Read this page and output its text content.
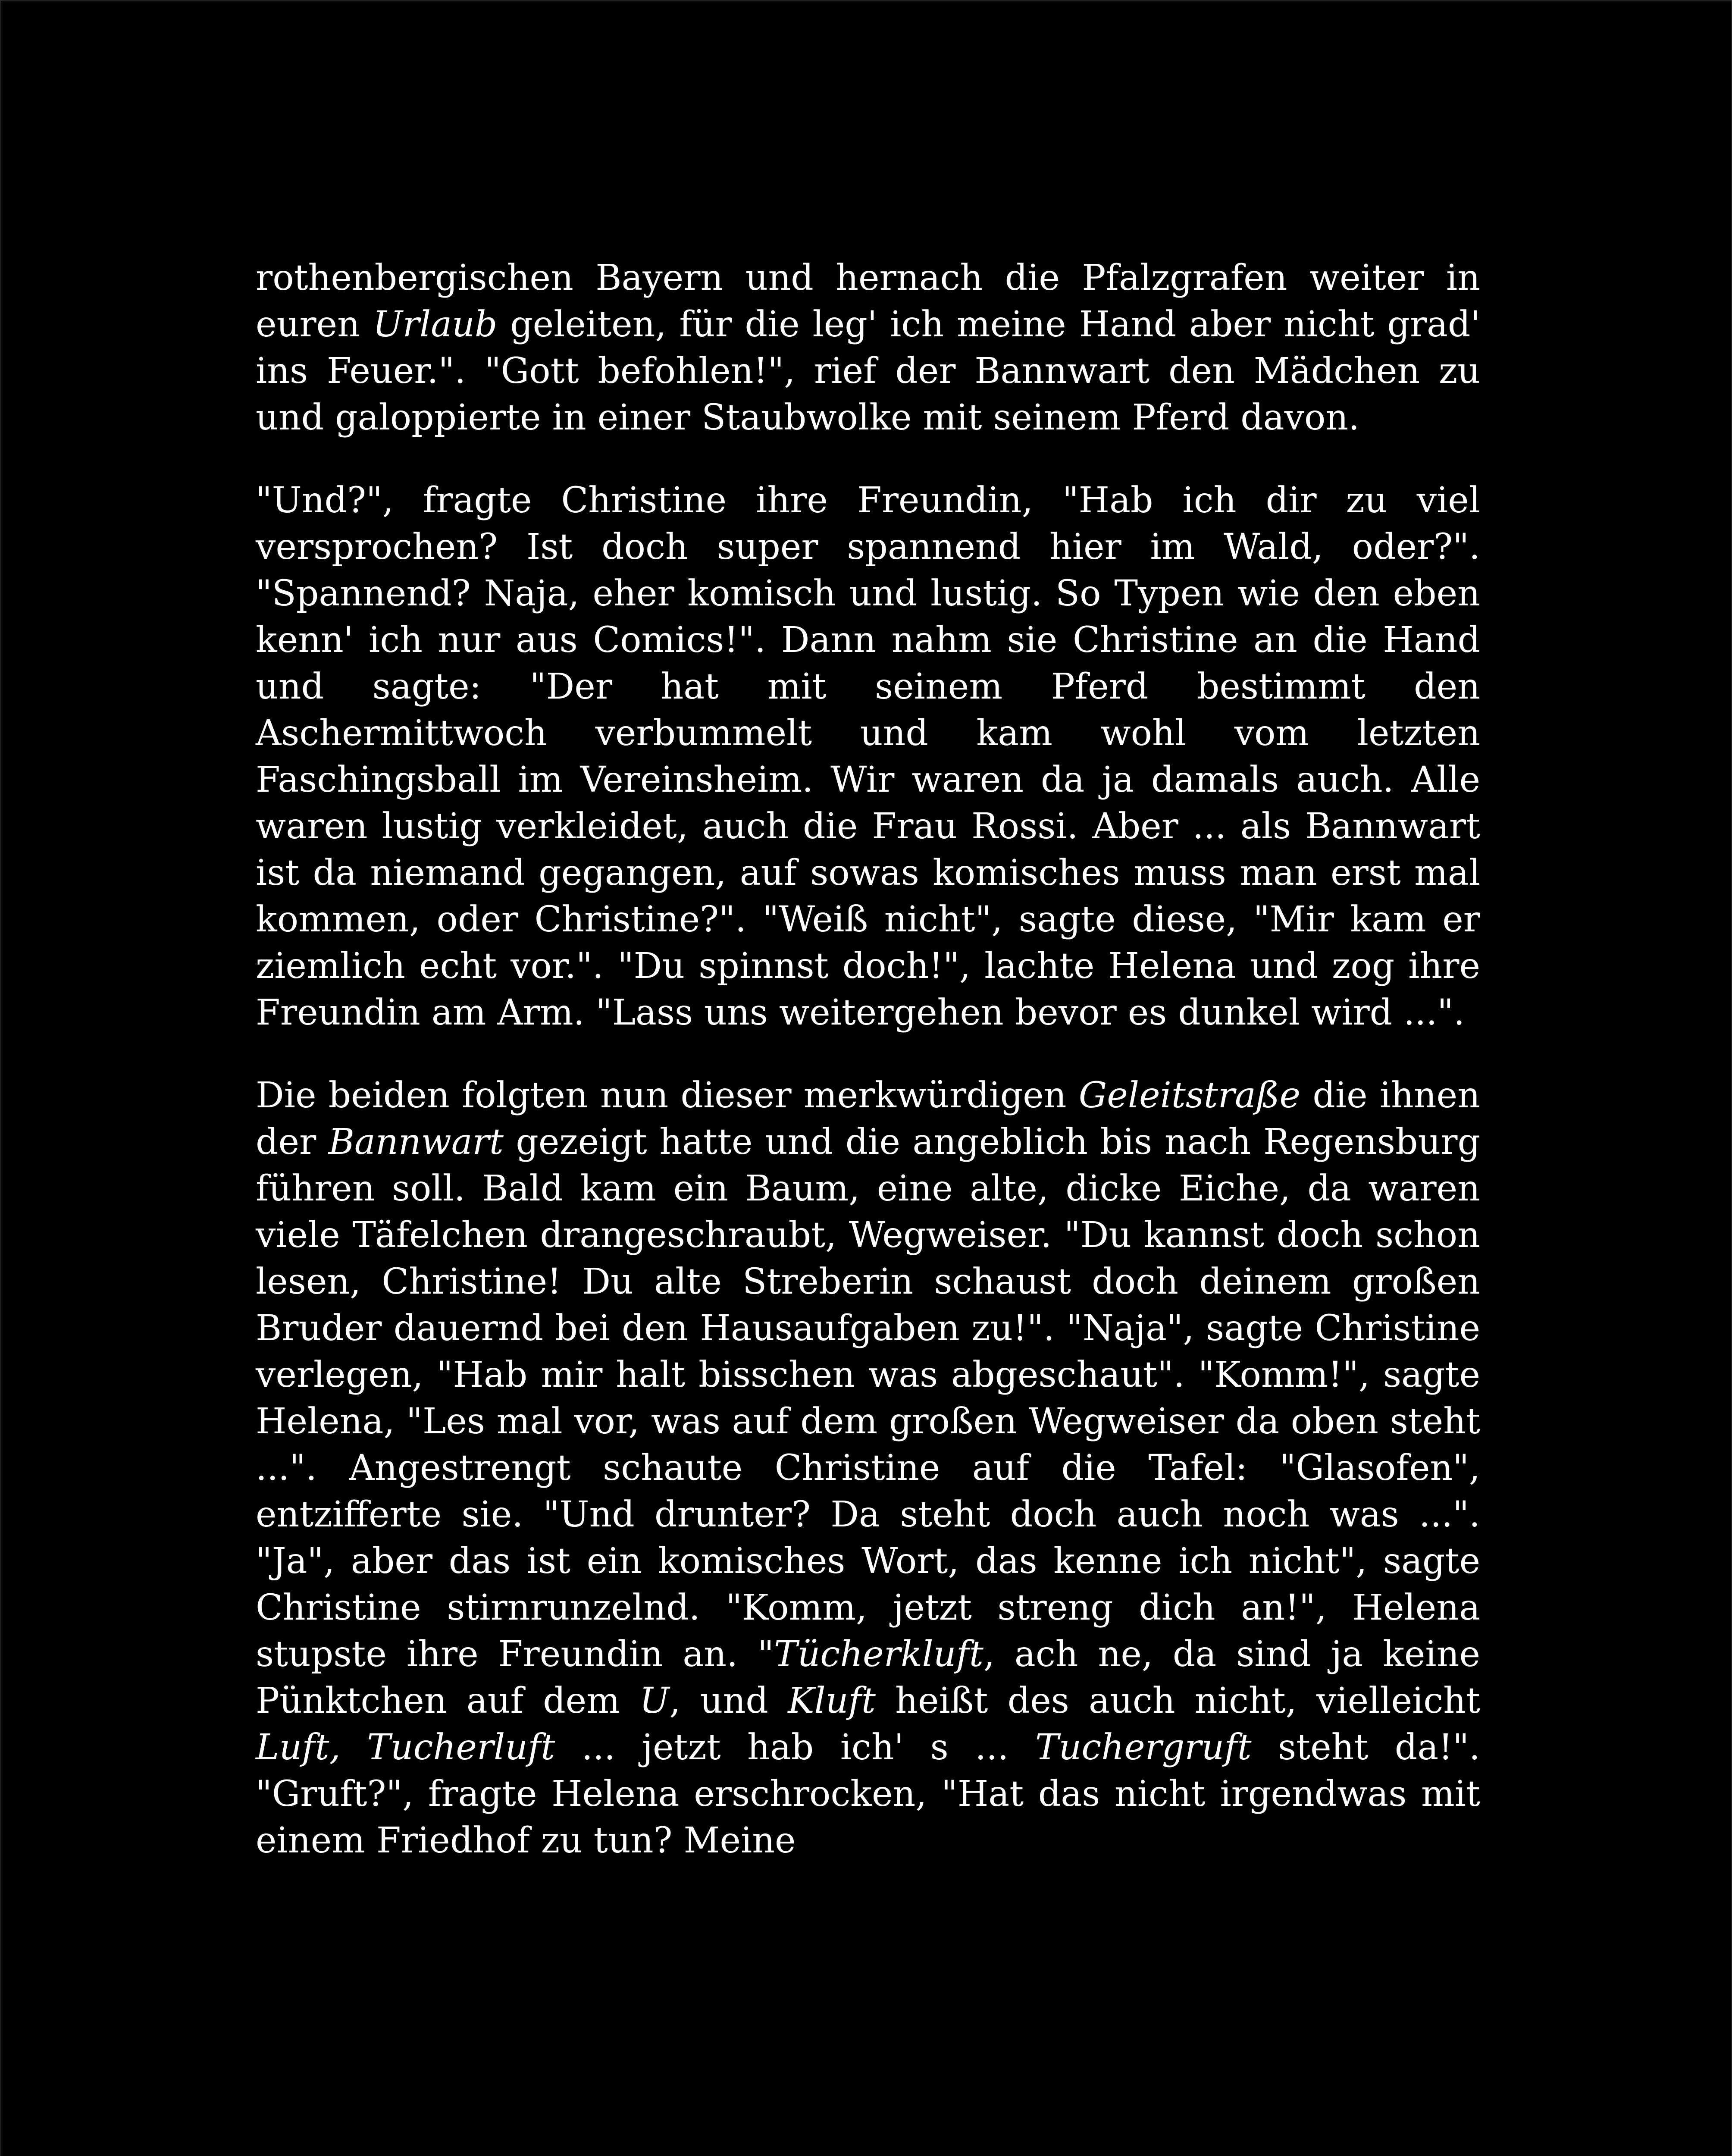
rothenbergischen Bayern und hernach die Pfalzgrafen weiter in euren Urlaub geleiten, für die leg' ich meine Hand aber nicht grad' ins Feuer.". "Gott befohlen!", rief der Bannwart den Mädchen zu und galoppierte in einer Staubwolke mit seinem Pferd davon.

"Und?", fragte Christine ihre Freundin, "Hab ich dir zu viel versprochen? Ist doch super spannend hier im Wald, oder?". "Spannend? Naja, eher komisch und lustig. So Typen wie den eben kenn' ich nur aus Comics!". Dann nahm sie Christine an die Hand und sagte: "Der hat mit seinem Pferd bestimmt den Aschermittwoch verbummelt und kam wohl vom letzten Faschingsball im Vereinsheim. Wir waren da ja damals auch. Alle waren lustig verkleidet, auch die Frau Rossi. Aber ... als Bannwart ist da niemand gegangen, auf sowas komisches muss man erst mal kommen, oder Christine?". "Weiß nicht", sagte diese, "Mir kam er ziemlich echt vor.". "Du spinnst doch!", lachte Helena und zog ihre Freundin am Arm. "Lass uns weitergehen bevor es dunkel wird ...".

Die beiden folgten nun dieser merkwürdigen Geleitstraße die ihnen der Bannwart gezeigt hatte und die angeblich bis nach Regensburg führen soll. Bald kam ein Baum, eine alte, dicke Eiche, da waren viele Täfelchen drangeschraubt, Wegweiser. "Du kannst doch schon lesen, Christine! Du alte Streberin schaust doch deinem großen Bruder dauernd bei den Hausaufgaben zu!". "Naja", sagte Christine verlegen, "Hab mir halt bisschen was abgeschaut". "Komm!", sagte Helena, "Les mal vor, was auf dem großen Wegweiser da oben steht ...". Angestrengt schaute Christine auf die Tafel: "Glasofen", entzifferte sie. "Und drunter? Da steht doch auch noch was ...". "Ja", aber das ist ein komisches Wort, das kenne ich nicht", sagte Christine stirnrunzelnd. "Komm, jetzt streng dich an!", Helena stupste ihre Freundin an. "Tücherkluft, ach ne, da sind ja keine Pünktchen auf dem U, und Kluft heißt des auch nicht, vielleicht Luft, Tucherluft ... jetzt hab ich' s ... Tuchergruft steht da!". "Gruft?", fragte Helena erschrocken, "Hat das nicht irgendwas mit einem Friedhof zu tun? Meine
